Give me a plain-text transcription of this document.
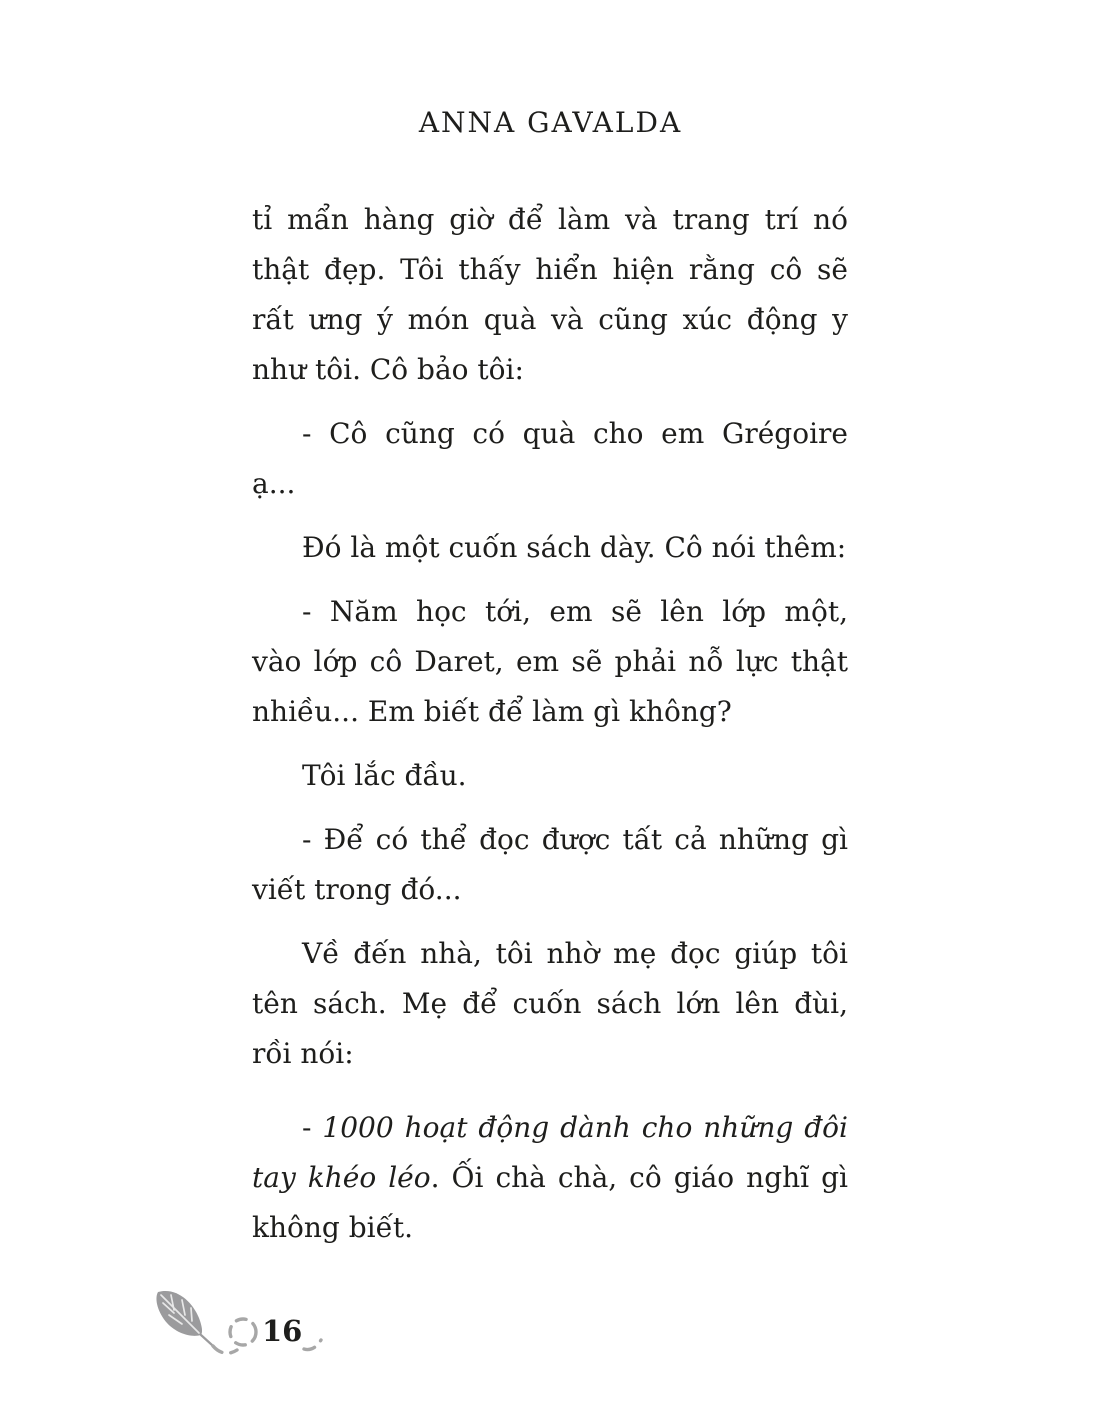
ANNA GAVALDA
tỉ mẩn hàng giờ để làm và trang trí nó
thật đẹp. Tôi thấy hiển hiện rằng cô sẽ
rất ưng ý món quà và cũng xúc động y
như tôi. Cô bảo tôi:
- Cô cũng có quà cho em Grégoire
ạ...
Đó là một cuốn sách dày. Cô nói thêm:
- Năm học tới, em sẽ lên lớp một,
vào lớp cô Daret, em sẽ phải nỗ lực thật
nhiều... Em biết để làm gì không?
Tôi lắc đầu.
- Để có thể đọc được tất cả những gì
viết trong đó...
Về đến nhà, tôi nhờ mẹ đọc giúp tôi
tên sách. Mẹ để cuốn sách lớn lên đùi,
rồi nói:
- 1000 hoạt động dành cho những đôi
tay khéo léo. Ối chà chà, cô giáo nghĩ gì
không biết.
16
